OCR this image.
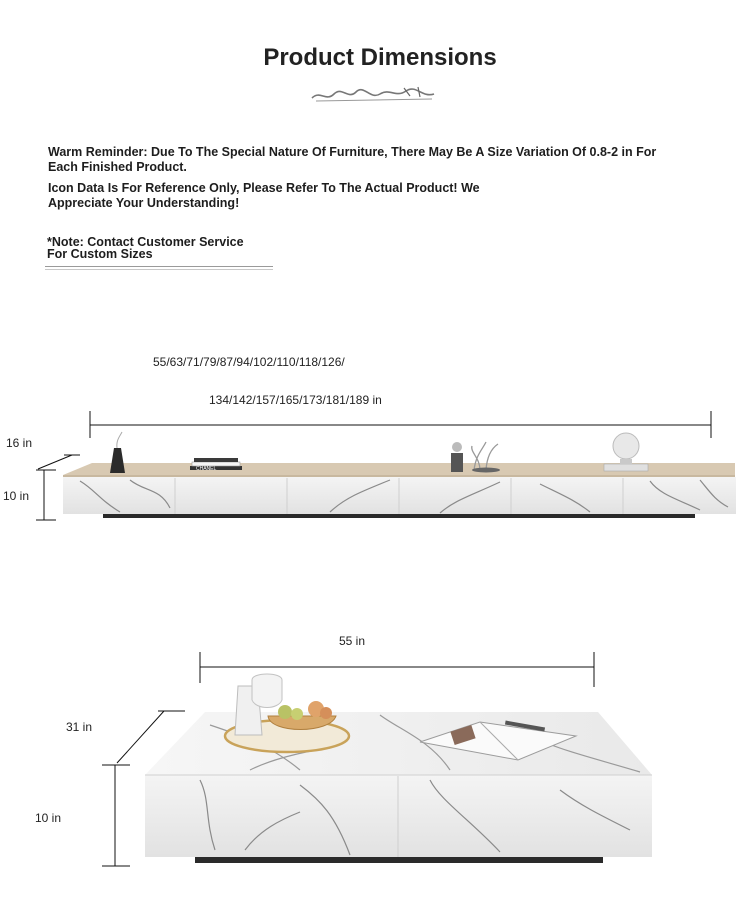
Product Dimensions
Warm Reminder: Due To The Special Nature Of Furniture, There May Be A Size Variation Of 0.8-2 in For Each Finished Product.
Icon Data Is For Reference Only, Please Refer To The Actual Product! We Appreciate Your Understanding!
*Note: Contact Customer Service
For Custom Sizes
55/63/71/79/87/94/102/110/118/126/
134/142/157/165/173/181/189 in
16 in
10 in
55 in
31 in
10 in
CHANEL
